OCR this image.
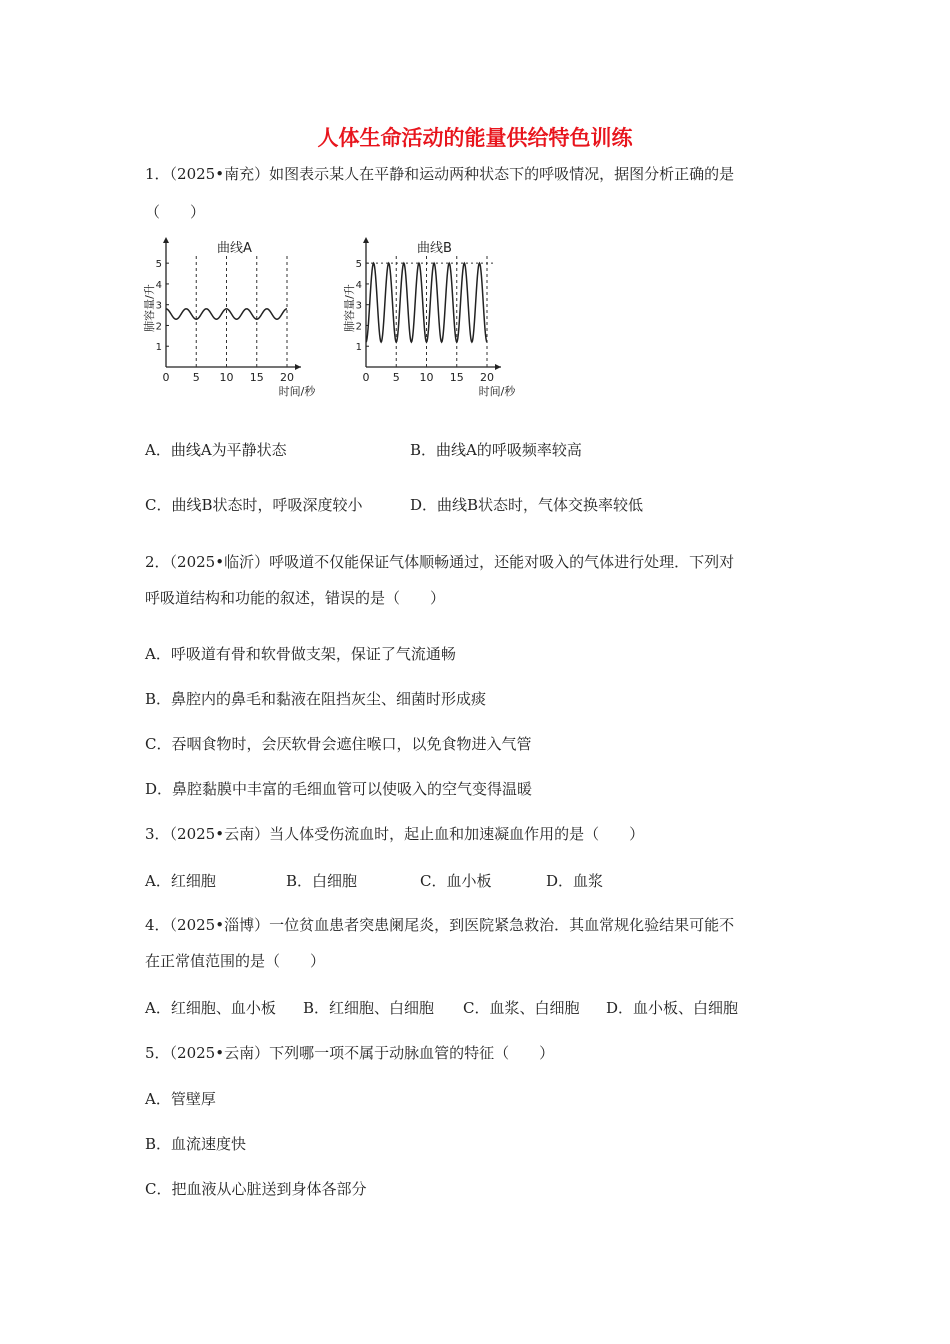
人体生命活动的能量供给特色训练
1．（2025•南充）如图表示某人在平静和运动两种状态下的呼吸情况，据图分析正确的是
（　　）
0 5 10 15 20
1
2
3
4
5
曲线A
肺容量/升
时间/秒
0 5 10 15 20
1
2
3
4
5
曲线B
肺容量/升
时间/秒
A．曲线A为平静状态	B．曲线A的呼吸频率较高
C．曲线B状态时，呼吸深度较小	D．曲线B状态时，气体交换率较低
2．（2025•临沂）呼吸道不仅能保证气体顺畅通过，还能对吸入的气体进行处理．下列对
呼吸道结构和功能的叙述，错误的是（　　）
A．呼吸道有骨和软骨做支架，保证了气流通畅
B．鼻腔内的鼻毛和黏液在阻挡灰尘、细菌时形成痰
C．吞咽食物时，会厌软骨会遮住喉口，以免食物进入气管
D．鼻腔黏膜中丰富的毛细血管可以使吸入的空气变得温暖
3．（2025•云南）当人体受伤流血时，起止血和加速凝血作用的是（　　）
A．红细胞	B．白细胞	C．血小板	D．血浆
4．（2025•淄博）一位贫血患者突患阑尾炎，到医院紧急救治．其血常规化验结果可能不
在正常值范围的是（　　）
A．红细胞、血小板 B．红细胞、白细胞 C．血浆、白细胞 D．血小板、白细胞
5．（2025•云南）下列哪一项不属于动脉血管的特征（　　）
A．管壁厚
B．血流速度快
C．把血液从心脏送到身体各部分
